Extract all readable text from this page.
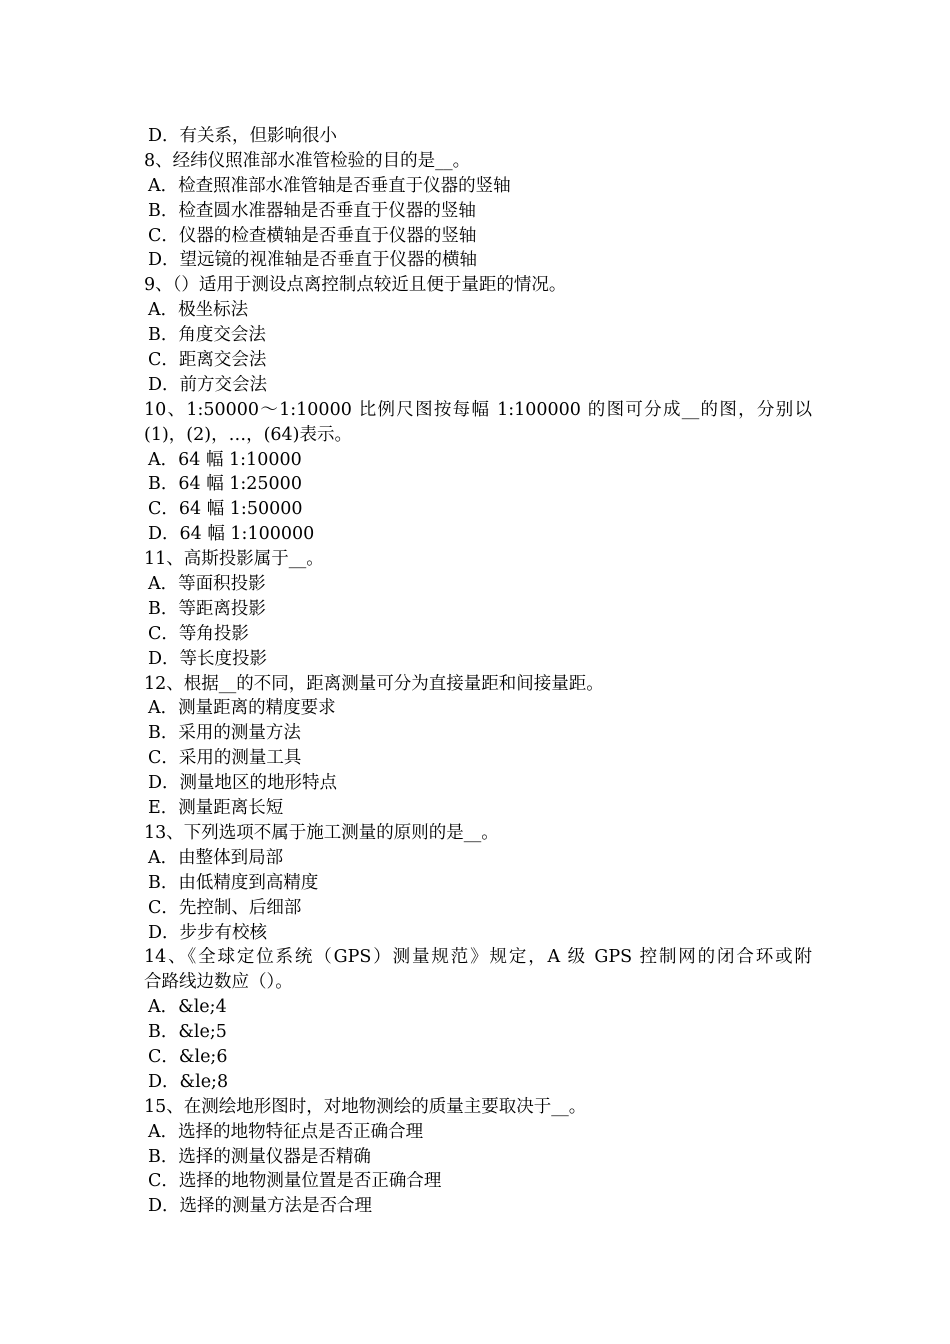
D．有关系，但影响很小
8、经纬仪照准部水准管检验的目的是__。
A．检查照准部水准管轴是否垂直于仪器的竖轴
B．检查圆水准器轴是否垂直于仪器的竖轴
C．仪器的检查横轴是否垂直于仪器的竖轴
D．望远镜的视准轴是否垂直于仪器的横轴
9、（）适用于测设点离控制点较近且便于量距的情况。
A．极坐标法
B．角度交会法
C．距离交会法
D．前方交会法
10、1:50000～1:10000 比例尺图按每幅 1:100000 的图可分成__的图，分别以
(1)，(2)，…，(64)表示。
A．64 幅 1:10000
B．64 幅 1:25000
C．64 幅 1:50000
D．64 幅 1:100000
11、高斯投影属于__。
A．等面积投影
B．等距离投影
C．等角投影
D．等长度投影
12、根据__的不同，距离测量可分为直接量距和间接量距。
A．测量距离的精度要求
B．采用的测量方法
C．采用的测量工具
D．测量地区的地形特点
E．测量距离长短
13、下列选项不属于施工测量的原则的是__。
A．由整体到局部
B．由低精度到高精度
C．先控制、后细部
D．步步有校核
14、《全球定位系统（GPS）测量规范》规定，A 级 GPS 控制网的闭合环或附
合路线边数应（）。
A．&le;4
B．&le;5
C．&le;6
D．&le;8
15、在测绘地形图时，对地物测绘的质量主要取决于__。
A．选择的地物特征点是否正确合理
B．选择的测量仪器是否精确
C．选择的地物测量位置是否正确合理
D．选择的测量方法是否合理
